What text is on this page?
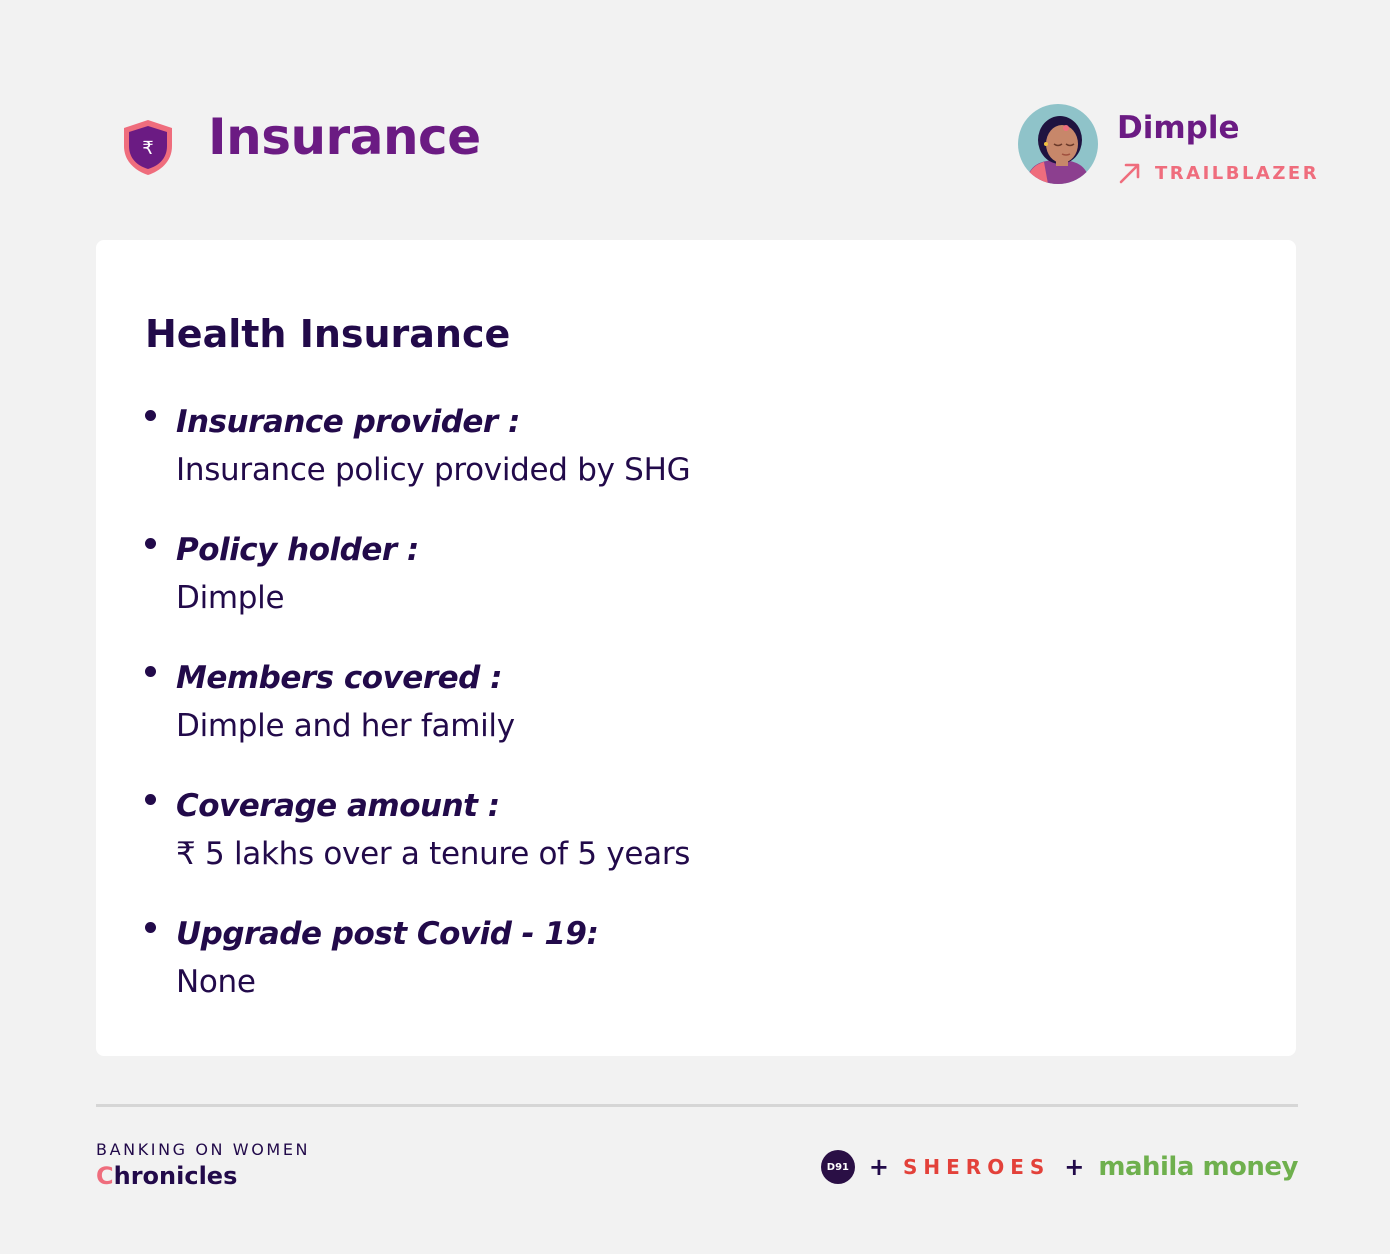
₹ Insurance	Dimple
TRAILBLAZER
Health Insurance
Insurance provider :
Insurance policy provided by SHG
Policy holder :
Dimple
Members covered :
Dimple and her family
Coverage amount :
₹ 5 lakhs over a tenure of 5 years
Upgrade post Covid - 19:
None
BANKING ON WOMEN
Chronicles	D91 + SHEROES + mahila money
